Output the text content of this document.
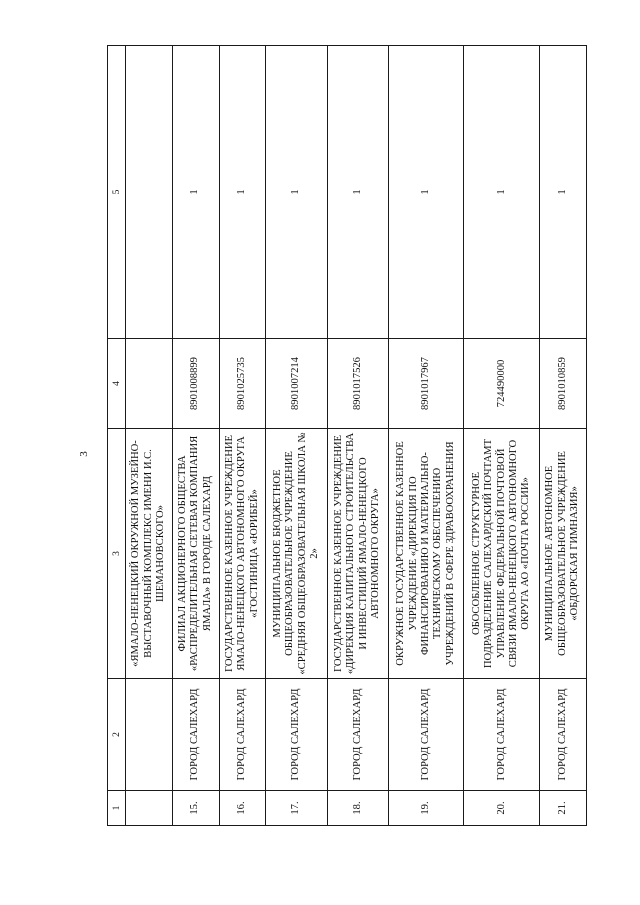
3
1	2	3	4	5
		«ЯМАЛО-НЕНЕЦКИЙ ОКРУЖНОЙ МУЗЕЙНО-ВЫСТАВОЧНЫЙ КОМПЛЕКС ИМЕНИ И.С. ШЕМАНОВСКОГО»		
15.	ГОРОД САЛЕХАРД	ФИЛИАЛ АКЦИОНЕРНОГО ОБЩЕСТВА «РАСПРЕДЕЛИТЕЛЬНАЯ СЕТЕВАЯ КОМПАНИЯ ЯМАЛА» В ГОРОДЕ САЛЕХАРД	8901008899	1
16.	ГОРОД САЛЕХАРД	ГОСУДАРСТВЕННОЕ КАЗЕННОЕ УЧРЕЖДЕНИЕ ЯМАЛО-НЕНЕЦКОГО АВТОНОМНОГО ОКРУГА «ГОСТИНИЦА «ЮРИБЕЙ»	8901025735	1
17.	ГОРОД САЛЕХАРД	МУНИЦИПАЛЬНОЕ БЮДЖЕТНОЕ ОБЩЕОБРАЗОВАТЕЛЬНОЕ УЧРЕЖДЕНИЕ «СРЕДНЯЯ ОБЩЕОБРАЗОВАТЕЛЬНАЯ ШКОЛА № 2»	8901007214	1
18.	ГОРОД САЛЕХАРД	ГОСУДАРСТВЕННОЕ КАЗЕННОЕ УЧРЕЖДЕНИЕ «ДИРЕКЦИЯ КАПИТАЛЬНОГО СТРОИТЕЛЬСТВА И ИНВЕСТИЦИЙ ЯМАЛО-НЕНЕЦКОГО АВТОНОМНОГО ОКРУГА»	8901017526	1
19.	ГОРОД САЛЕХАРД	ОКРУЖНОЕ ГОСУДАРСТВЕННОЕ КАЗЕННОЕ УЧРЕЖДЕНИЕ «ДИРЕКЦИЯ ПО ФИНАНСИРОВАНИЮ И МАТЕРИАЛЬНО-ТЕХНИЧЕСКОМУ ОБЕСПЕЧЕНИЮ УЧРЕЖДЕНИЙ В СФЕРЕ ЗДРАВООХРАНЕНИЯ	8901017967	1
20.	ГОРОД САЛЕХАРД	ОБОСОБЛЕННОЕ СТРУКТУРНОЕ ПОДРАЗДЕЛЕНИЕ САЛЕХАРДСКИЙ ПОЧТАМТ УПРАВЛЕНИЕ ФЕДЕРАЛЬНОЙ ПОЧТОВОЙ СВЯЗИ ЯМАЛО-НЕНЕЦКОГО АВТОНОМНОГО ОКРУГА АО «ПОЧТА РОССИИ»	724490000	1
21.	ГОРОД САЛЕХАРД	МУНИЦИПАЛЬНОЕ АВТОНОМНОЕ ОБЩЕОБРАЗОВАТЕЛЬНОЕ УЧРЕЖДЕНИЕ «ОБДОРСКАЯ ГИМНАЗИЯ»	8901010859	1
